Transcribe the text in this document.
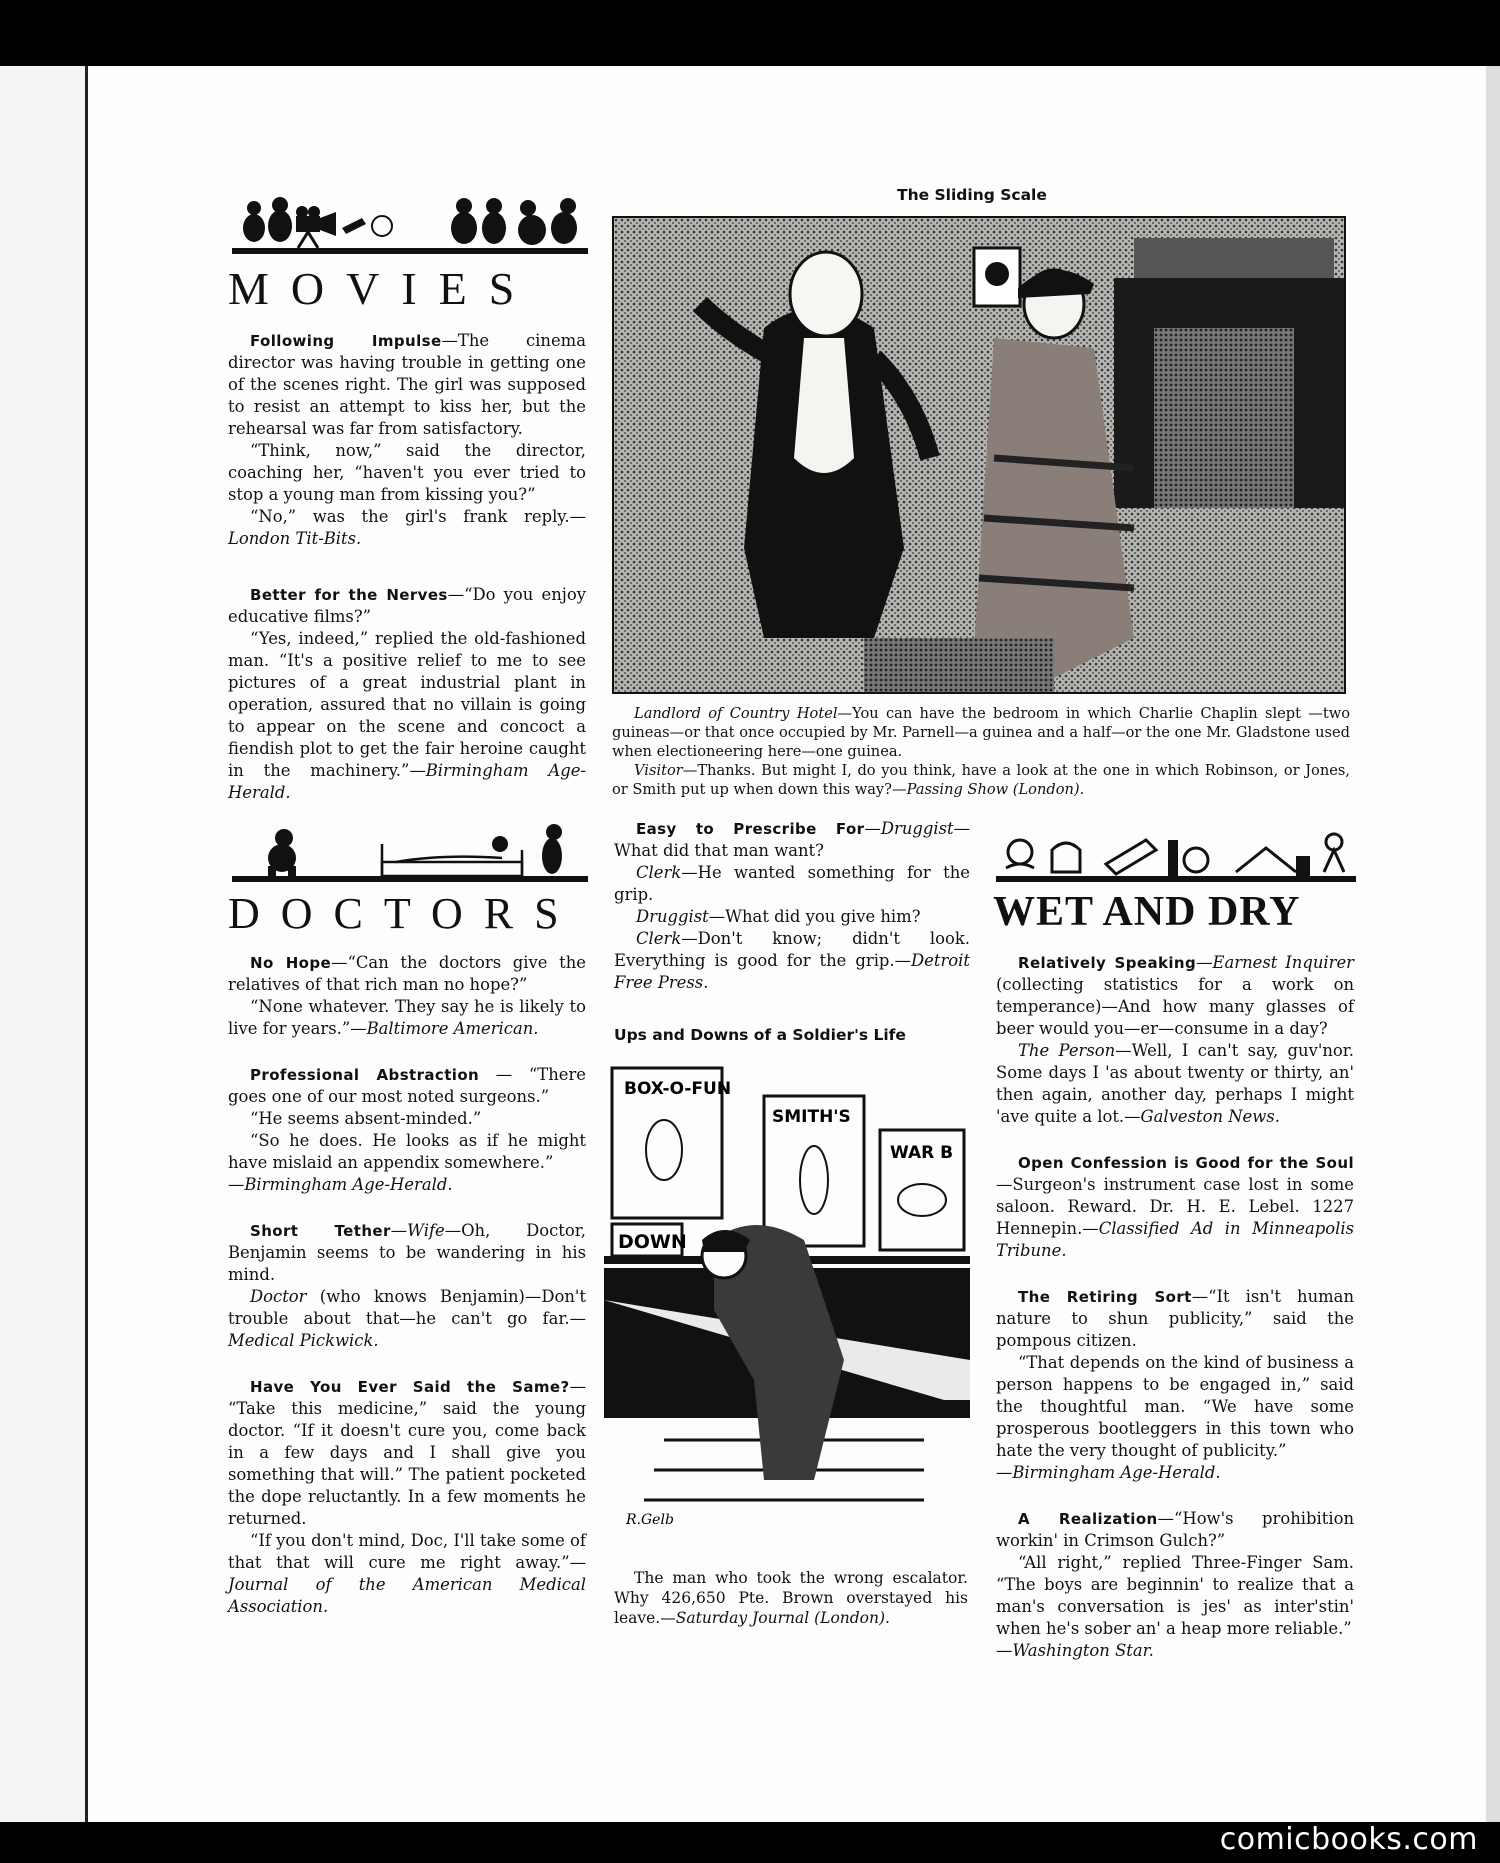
MOVIES

Following Impulse—The cinema director was having trouble in getting one of the scenes right. The girl was supposed to resist an attempt to kiss her, but the rehearsal was far from satisfactory.

“Think, now,” said the director, coaching her, “haven't you ever tried to stop a young man from kissing you?”

“No,” was the girl's frank reply.—London Tit-Bits.

Better for the Nerves—“Do you enjoy educative films?”

“Yes, indeed,” replied the old-fashioned man. “It's a positive relief to me to see pictures of a great industrial plant in operation, assured that no villain is going to appear on the scene and concoct a fiendish plot to get the fair heroine caught in the machinery.”—Birmingham Age-Herald.

The Sliding Scale

Landlord of Country Hotel—You can have the bedroom in which Charlie Chaplin slept —two guineas—or that once occupied by Mr. Parnell—a guinea and a half—or the one Mr. Gladstone used when electioneering here—one guinea.

Visitor—Thanks. But might I, do you think, have a look at the one in which Robinson, or Jones, or Smith put up when down this way?—Passing Show (London).

DOCTORS

No Hope—“Can the doctors give the relatives of that rich man no hope?”

“None whatever. They say he is likely to live for years.”—Baltimore American.

Professional Abstraction — “There goes one of our most noted surgeons.”

“He seems absent-minded.”

“So he does. He looks as if he might have mislaid an appendix somewhere.”

—Birmingham Age-Herald.

Short Tether—Wife—Oh, Doctor, Benjamin seems to be wandering in his mind.

Doctor (who knows Benjamin)—Don't trouble about that—he can't go far.—Medical Pickwick.

Have You Ever Said the Same?— “Take this medicine,” said the young doctor. “If it doesn't cure you, come back in a few days and I shall give you something that will.” The patient pocketed the dope reluctantly. In a few moments he returned.

“If you don't mind, Doc, I'll take some of that that will cure me right away.”—Journal of the American Medical Association.

Easy to Prescribe For—Druggist— What did that man want?

Clerk—He wanted something for the grip.

Druggist—What did you give him?

Clerk—Don't know; didn't look. Everything is good for the grip.—Detroit Free Press.

Ups and Downs of a Soldier's Life
BOX-O-FUN
SMITH'S
WAR B
DOWN
R.Gelb
The man who took the wrong escalator. Why 426,650 Pte. Brown overstayed his leave.—Saturday Journal (London).
WET AND DRY

Relatively Speaking—Earnest Inquirer (collecting statistics for a work on temperance)—And how many glasses of beer would you—er—consume in a day?

The Person—Well, I can't say, guv'nor. Some days I 'as about twenty or thirty, an' then again, another day, perhaps I might 'ave quite a lot.—Galveston News.

Open Confession is Good for the Soul—Surgeon's instrument case lost in some saloon. Reward. Dr. H. E. Lebel. 1227 Hennepin.—Classified Ad in Minneapolis Tribune.

The Retiring Sort—“It isn't human nature to shun publicity,” said the pompous citizen.

“That depends on the kind of business a person happens to be engaged in,” said the thoughtful man. “We have some prosperous bootleggers in this town who hate the very thought of publicity.”

—Birmingham Age-Herald.

A Realization—“How's prohibition workin' in Crimson Gulch?”

“All right,” replied Three-Finger Sam. “The boys are beginnin' to realize that a man's conversation is jes' as inter'stin' when he's sober an' a heap more reliable.”

—Washington Star.

comicbooks.com
